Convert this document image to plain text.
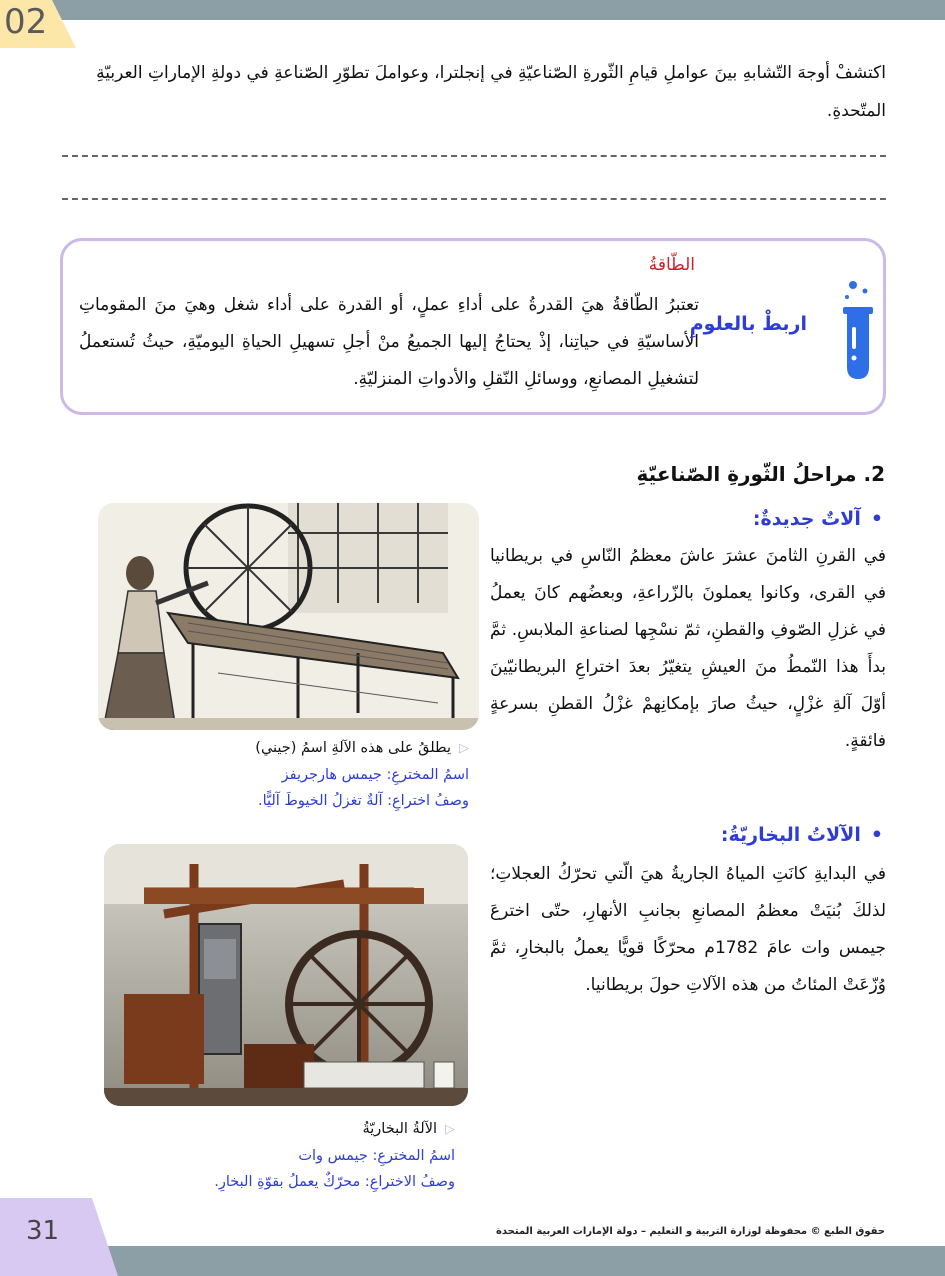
02

اكتشفْ أوجهَ التّشابهِ بينَ عواملِ قيامِ الثّورةِ الصّناعيّةِ في إنجلترا، وعواملَ تطوّرِ الصّناعةِ في دولةِ الإماراتِ العربيّةِ المتّحدةِ.

الطّاقةُ

تعتبرُ الطّاقةُ هيَ القدرةُ على أداءِ عملٍ، أو القدرة على أداء شغل وهيَ منَ المقوماتِ الأساسيّةِ في حياتِنا، إذْ يحتاجُ إليها الجميعُ منْ أجلِ تسهيلِ الحياةِ اليوميّةِ، حيثُ تُستعملُ لتشغيلِ المصانعِ، ووسائلِ النّقلِ والأدواتِ المنزليّةِ.

اربطْ بالعلومِ
2. مراحلُ الثّورةِ الصّناعيّةِ
•آلاتٌ جديدةٌ:

في القرنِ الثامنَ عشرَ عاشَ معظمُ النّاسِ في بريطانيا في القرى، وكانوا يعملونَ بالزّراعةِ، وبعضُهم كانَ يعملُ في غزلِ الصّوفِ والقطنِ، ثمّ نسْجِها لصناعةِ الملابسِ. ثمَّ بدأَ هذا النّمطُ منَ العيشِ يتغيّرُ بعدَ اختراعِ البريطانيّينَ أوّلَ آلةِ غزْلٍ، حيثُ صارَ بإمكانِهمْ غزْلُ القطنِ بسرعةٍ فائقةٍ.

•الآلاتُ البخاريّةُ:

في البدايةِ كانَتِ المياهُ الجاريةُ هيَ الّتي تحرّكُ العجلاتِ؛ لذلكَ بُنيَتْ معظمُ المصانعِ بجانبِ الأنهارِ، حتّى اخترعَ جيمس وات عامَ 1782م محرّكًا قويًّا يعملُ بالبخارِ، ثمَّ وُزّعَتْ المئاتُ من هذه الآلاتِ حولَ بريطانيا.

▷يطلقُ على هذه الآلةِ اسمُ (جيني)
اسمُ المخترعِ: جيمس هارجريفز
وصفُ اختراعِ: آلةٌ تغزلُ الخيوطَ آليًّا.
▷الآلةُ البخاريّةُ
اسمُ المخترعِ: جيمس وات
وصفُ الاختراعِ: محرّكٌ يعملُ بقوّةِ البخارِ.
31	حقوق الطبع © محفوظة لوزارة التربية و التعليم – دولة الإمارات العربية المتحدة
